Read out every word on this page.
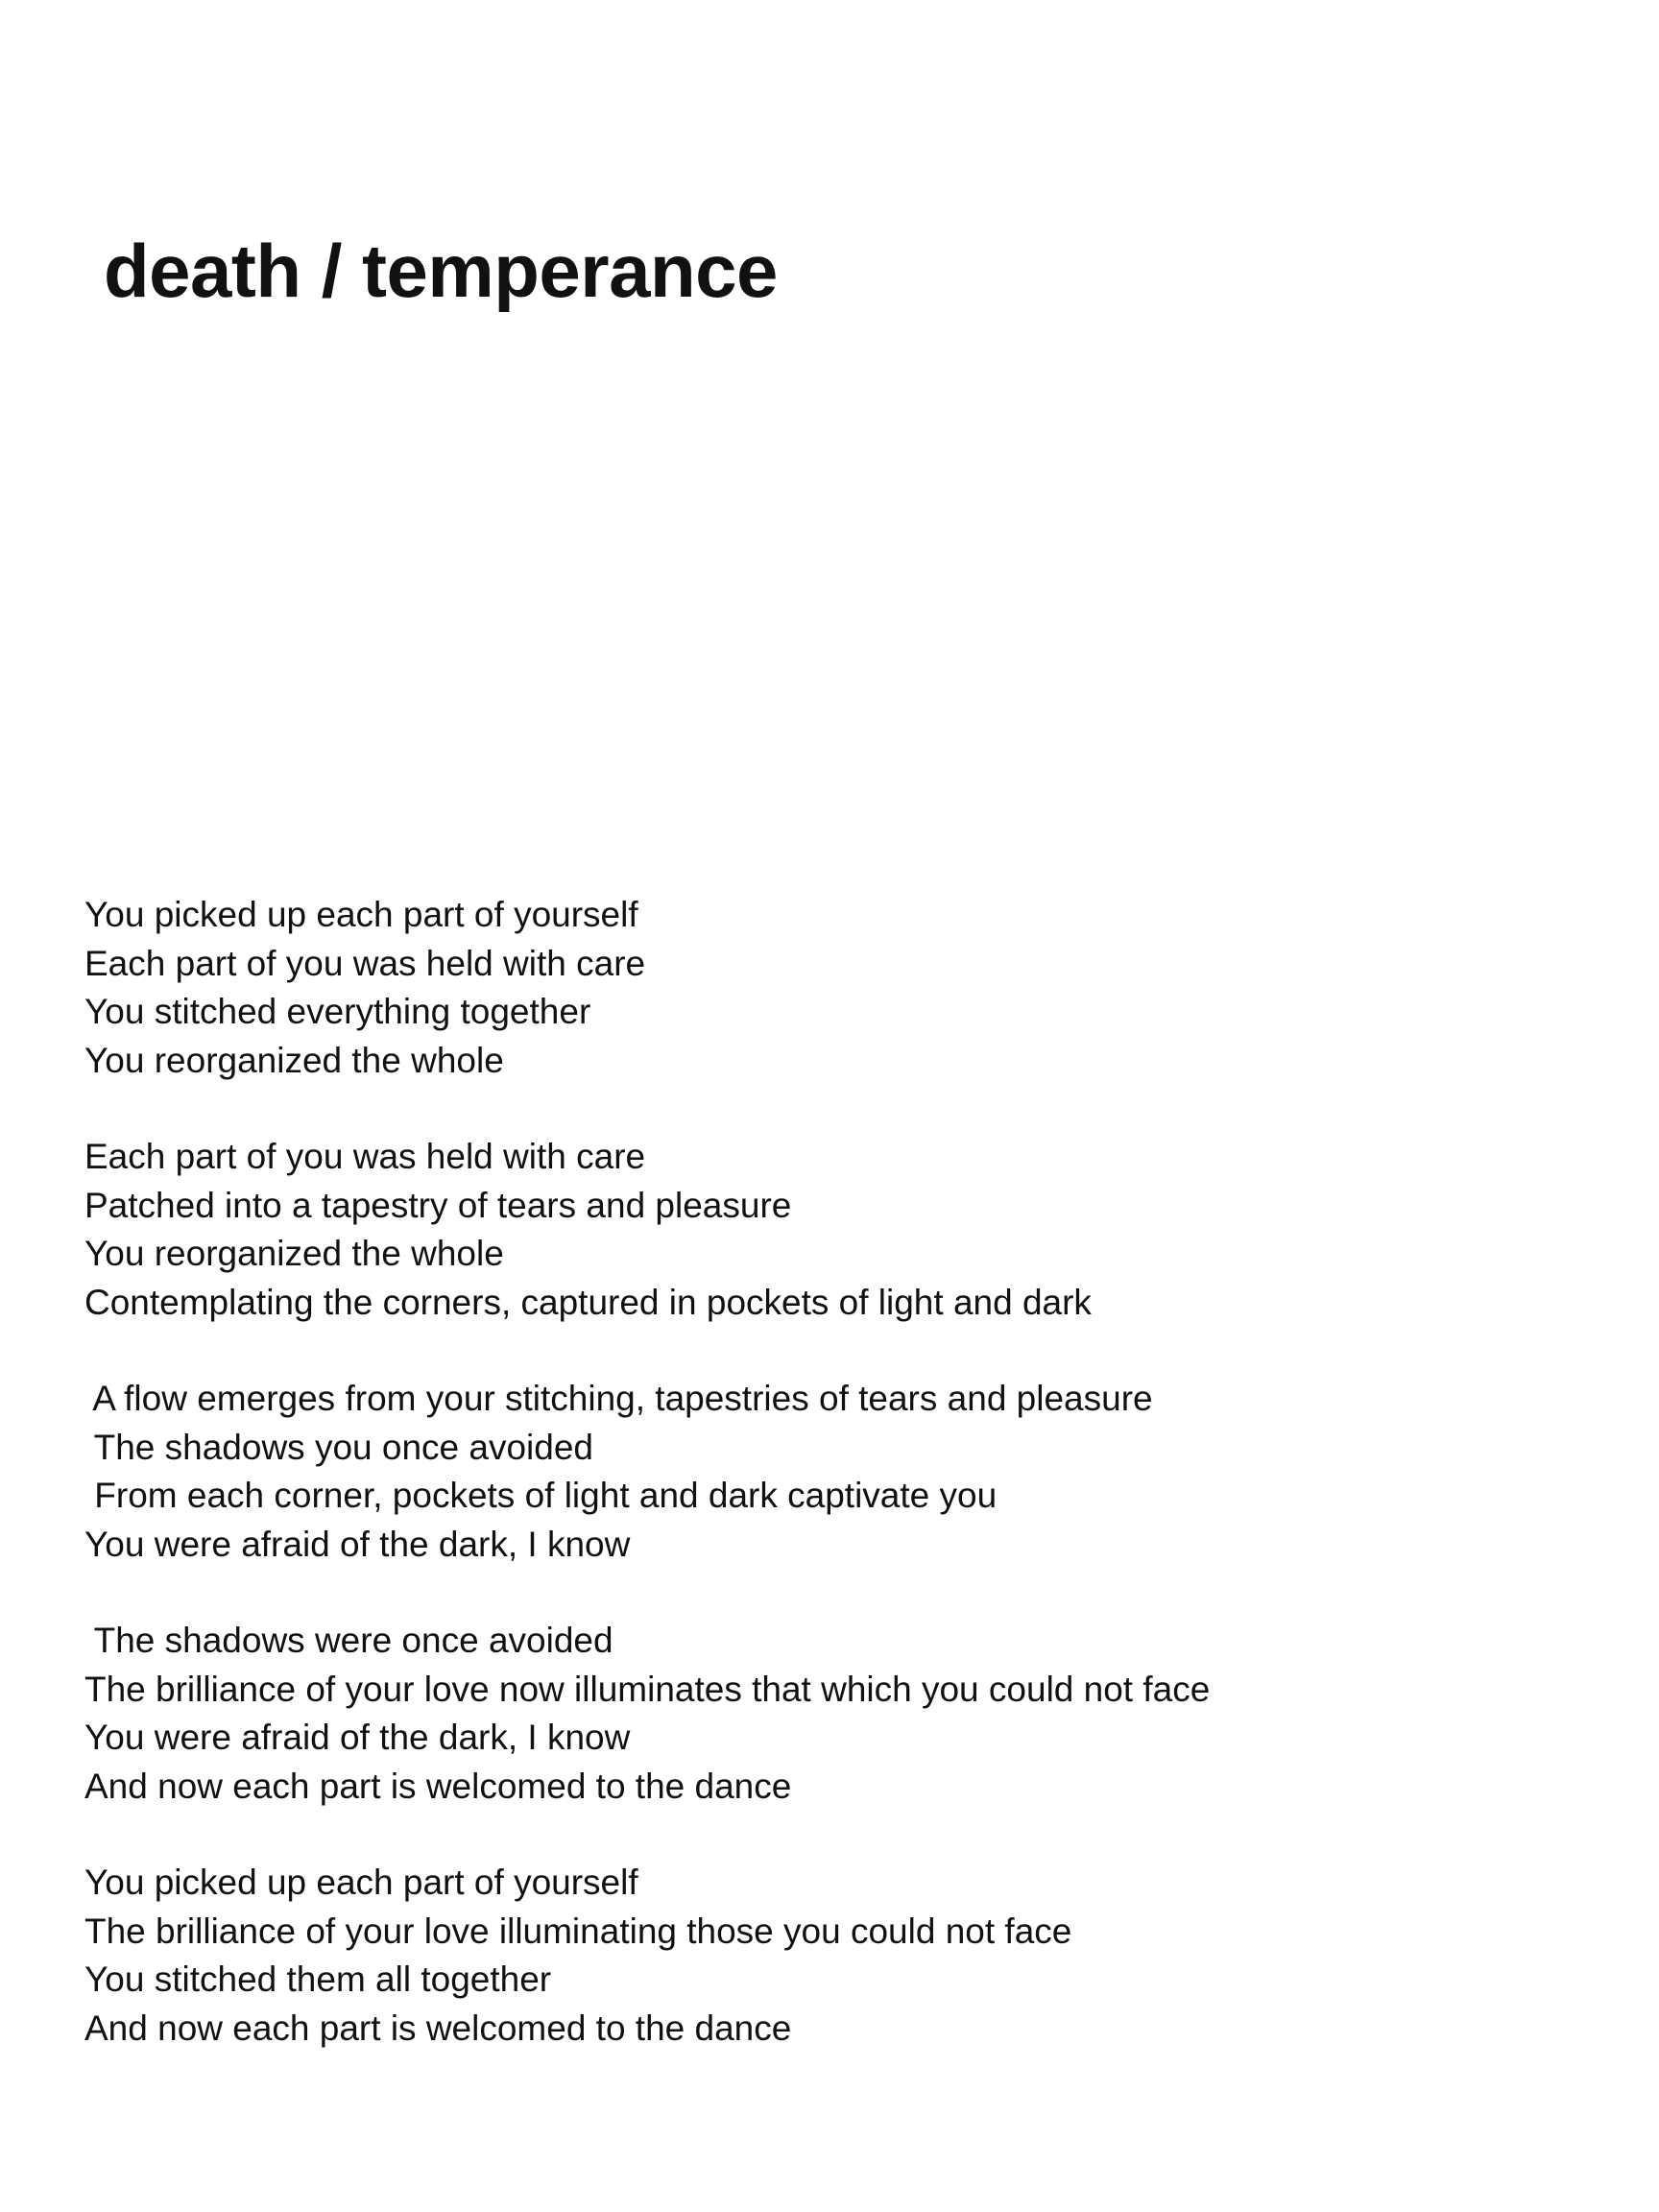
death / temperance
You picked up each part of yourself
Each part of you was held with care
You stitched everything together
You reorganized the whole
Each part of you was held with care
Patched into a tapestry of tears and pleasure
You reorganized the whole
Contemplating the corners, captured in pockets of light and dark
A flow emerges from your stitching, tapestries of tears and pleasure
The shadows you once avoided
From each corner, pockets of light and dark captivate you
You were afraid of the dark, I know
The shadows were once avoided
The brilliance of your love now illuminates that which you could not face
You were afraid of the dark, I know
And now each part is welcomed to the dance
You picked up each part of yourself
The brilliance of your love illuminating those you could not face
You stitched them all together
And now each part is welcomed to the dance
